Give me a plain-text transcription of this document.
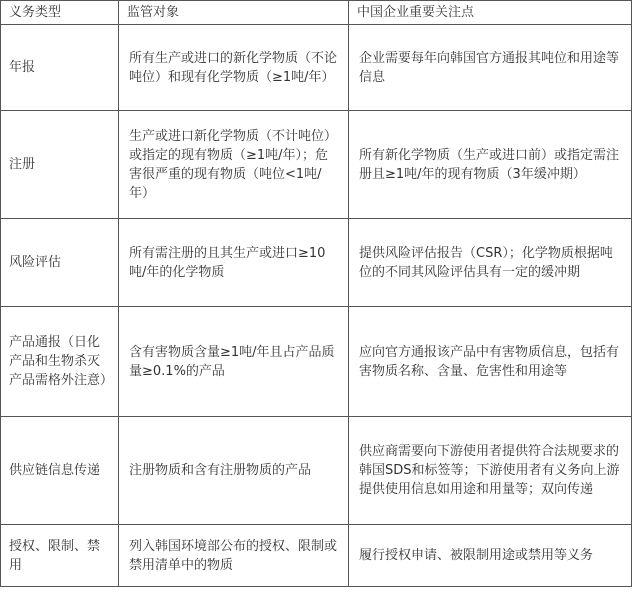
义务类型	监管对象	中国企业重要关注点
年报	所有生产或进口的新化学物质（不论吨位）和现有化学物质（≥1吨/年）	企业需要每年向韩国官方通报其吨位和用途等信息
注册	生产或进口新化学物质（不计吨位）或指定的现有物质（≥1吨/年）；危害很严重的现有物质（吨位<1吨/年）	所有新化学物质（生产或进口前）或指定需注册且≥1吨/年的现有物质（3年缓冲期）
风险评估	所有需注册的且其生产或进口≥10吨/年的化学物质	提供风险评估报告（CSR）；化学物质根据吨位的不同其风险评估具有一定的缓冲期
产品通报（日化产品和生物杀灭产品需格外注意）	含有害物质含量≥1吨/年且占产品质量≥0.1%的产品	应向官方通报该产品中有害物质信息，包括有害物质名称、含量、危害性和用途等
供应链信息传递	注册物质和含有注册物质的产品	供应商需要向下游使用者提供符合法规要求的韩国SDS和标签等；下游使用者有义务向上游提供使用信息如用途和用量等；双向传递
授权、限制、禁用	列入韩国环境部公布的授权、限制或禁用清单中的物质	履行授权申请、被限制用途或禁用等义务
